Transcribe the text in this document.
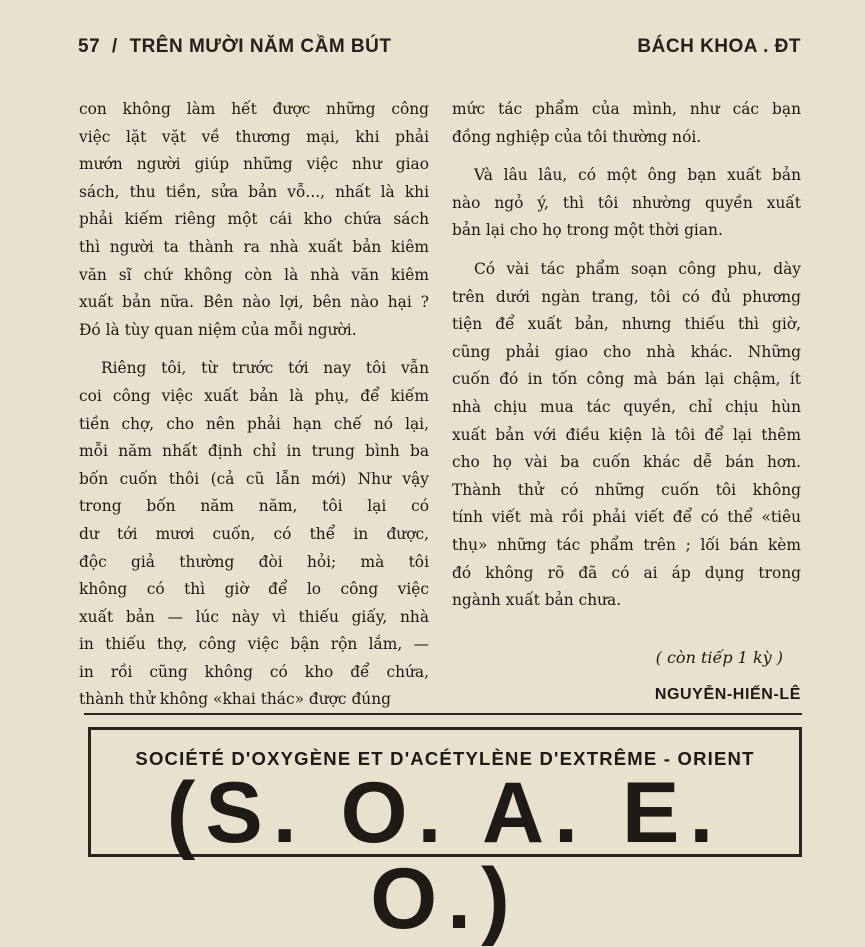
57 / TRÊN MƯỜI NĂM CẦM BÚT	BÁCH KHOA . ĐT
con không làm hết được những công
việc lặt vặt về thương mại, khi phải
mướn người giúp những việc như giao
sách, thu tiền, sửa bản vỗ..., nhất là khi
phải kiếm riêng một cái kho chứa sách
thì người ta thành ra nhà xuất bản kiêm
văn sĩ chứ không còn là nhà văn kiêm
xuất bản nữa. Bên nào lợi, bên nào hại ?
Đó là tùy quan niệm của mỗi người.
Riêng tôi, từ trước tới nay tôi vẫn
coi công việc xuất bản là phụ, để kiếm
tiền chợ, cho nên phải hạn chế nó lại,
mỗi năm nhất định chỉ in trung bình ba
bốn cuốn thôi (cả cũ lẫn mới) Như vậy
trong bốn năm năm, tôi lại có
dư tới mươi cuốn, có thể in được,
độc giả thường đòi hỏi; mà tôi
không có thì giờ để lo công việc
xuất bản — lúc này vì thiếu giấy, nhà
in thiếu thợ, công việc bận rộn lắm, —
in rồi cũng không có kho để chứa,
thành thử không «khai thác» được đúng
mức tác phẩm của mình, như các bạn
đồng nghiệp của tôi thường nói.
Và lâu lâu, có một ông bạn xuất bản
nào ngỏ ý, thì tôi nhường quyền xuất
bản lại cho họ trong một thời gian.
Có vài tác phẩm soạn công phu, dày
trên dưới ngàn trang, tôi có đủ phương
tiện để xuất bản, nhưng thiếu thì giờ,
cũng phải giao cho nhà khác. Những
cuốn đó in tốn công mà bán lại chậm, ít
nhà chịu mua tác quyền, chỉ chịu hùn
xuất bản với điều kiện là tôi để lại thêm
cho họ vài ba cuốn khác dễ bán hơn.
Thành thử có những cuốn tôi không
tính viết mà rồi phải viết để có thể «tiêu
thụ» những tác phẩm trên ; lối bán kèm
đó không rõ đã có ai áp dụng trong
ngành xuất bản chưa.
( còn tiếp 1 kỳ )
NGUYỄN-HIẾN-LÊ
SOCIÉTÉ D'OXYGÈNE ET D'ACÉTYLÈNE D'EXTRÊME - ORIENT
(S. O. A. E. O.)
